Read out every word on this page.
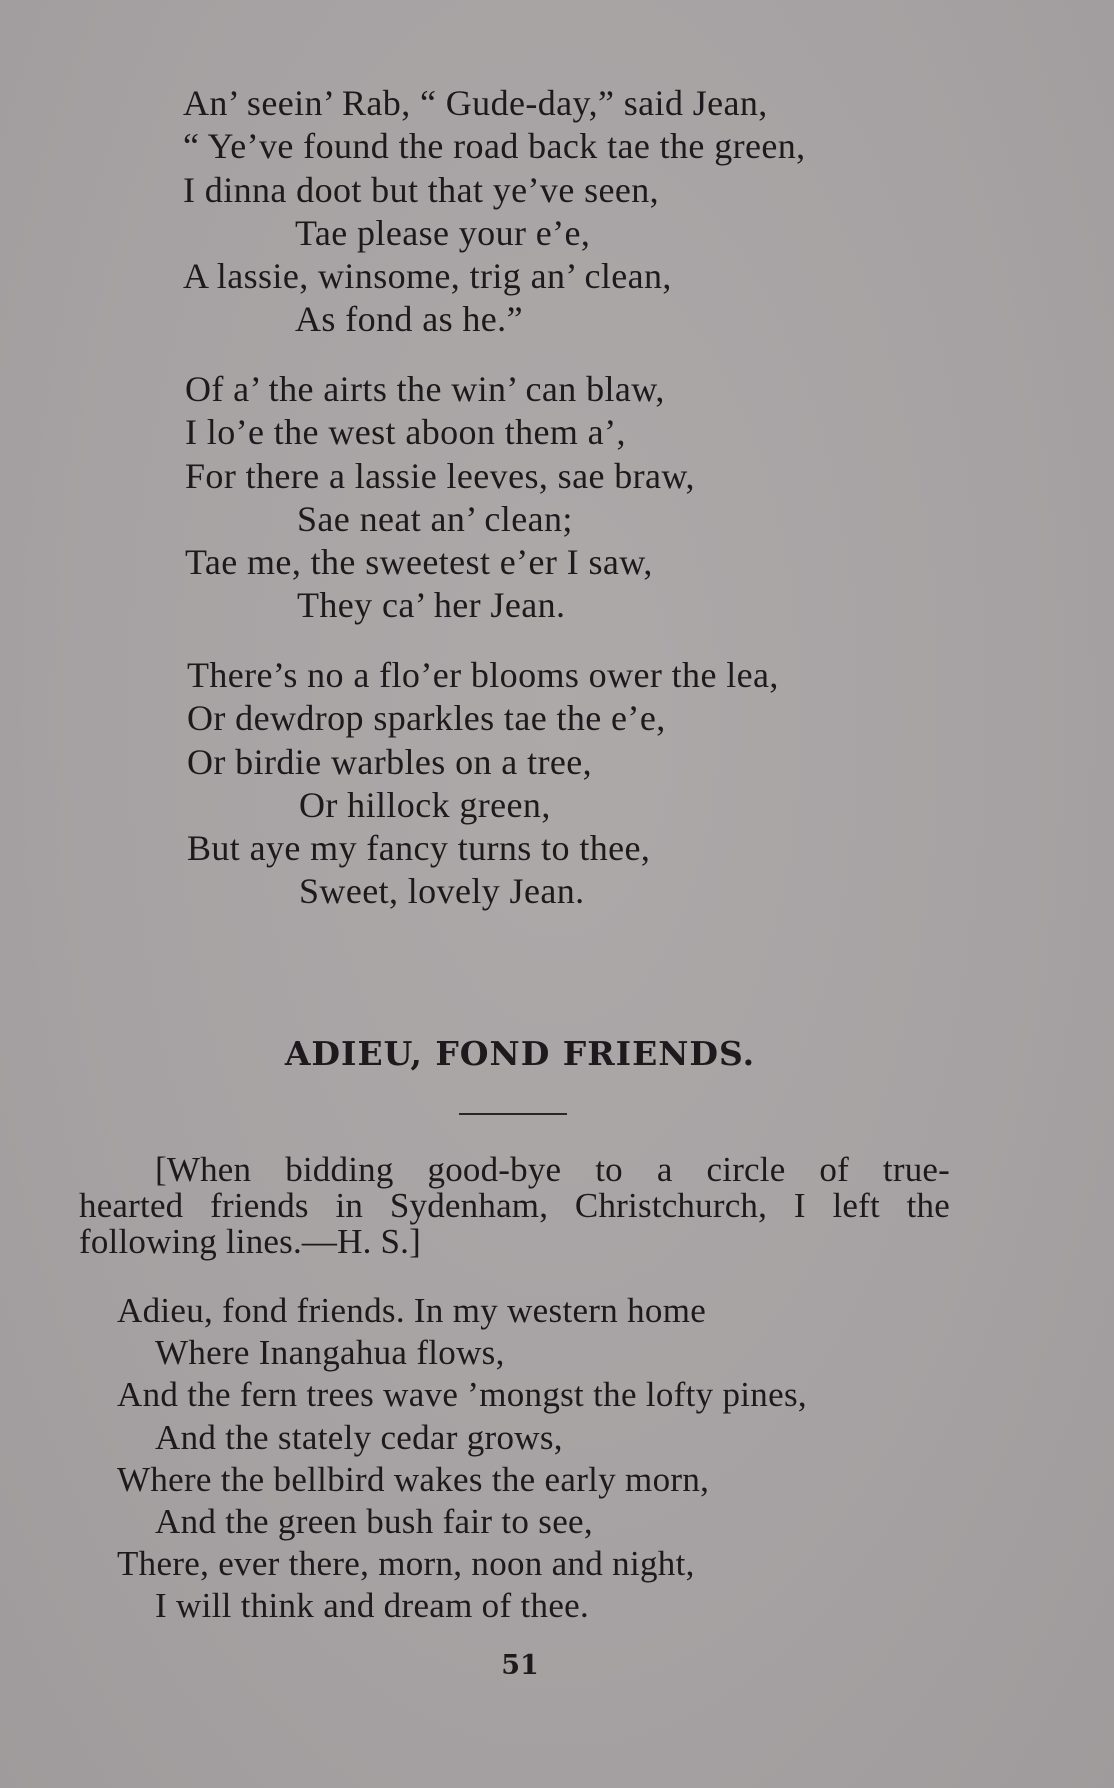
An’ seein’ Rab, “ Gude-day,” said Jean,
“ Ye’ve found the road back tae the green,
I dinna doot but that ye’ve seen,
Tae please your e’e,
A lassie, winsome, trig an’ clean,
As fond as he.”
Of a’ the airts the win’ can blaw,
I lo’e the west aboon them a’,
For there a lassie leeves, sae braw,
Sae neat an’ clean;
Tae me, the sweetest e’er I saw,
They ca’ her Jean.
There’s no a flo’er blooms ower the lea,
Or dewdrop sparkles tae the e’e,
Or birdie warbles on a tree,
Or hillock green,
But aye my fancy turns to thee,
Sweet, lovely Jean.
ADIEU, FOND FRIENDS.
[When bidding good-bye to a circle of true-
hearted friends in Sydenham, Christchurch, I left the
following lines.—H. S.]
Adieu, fond friends. In my western home
Where Inangahua flows,
And the fern trees wave ’mongst the lofty pines,
And the stately cedar grows,
Where the bellbird wakes the early morn,
And the green bush fair to see,
There, ever there, morn, noon and night,
I will think and dream of thee.
51
